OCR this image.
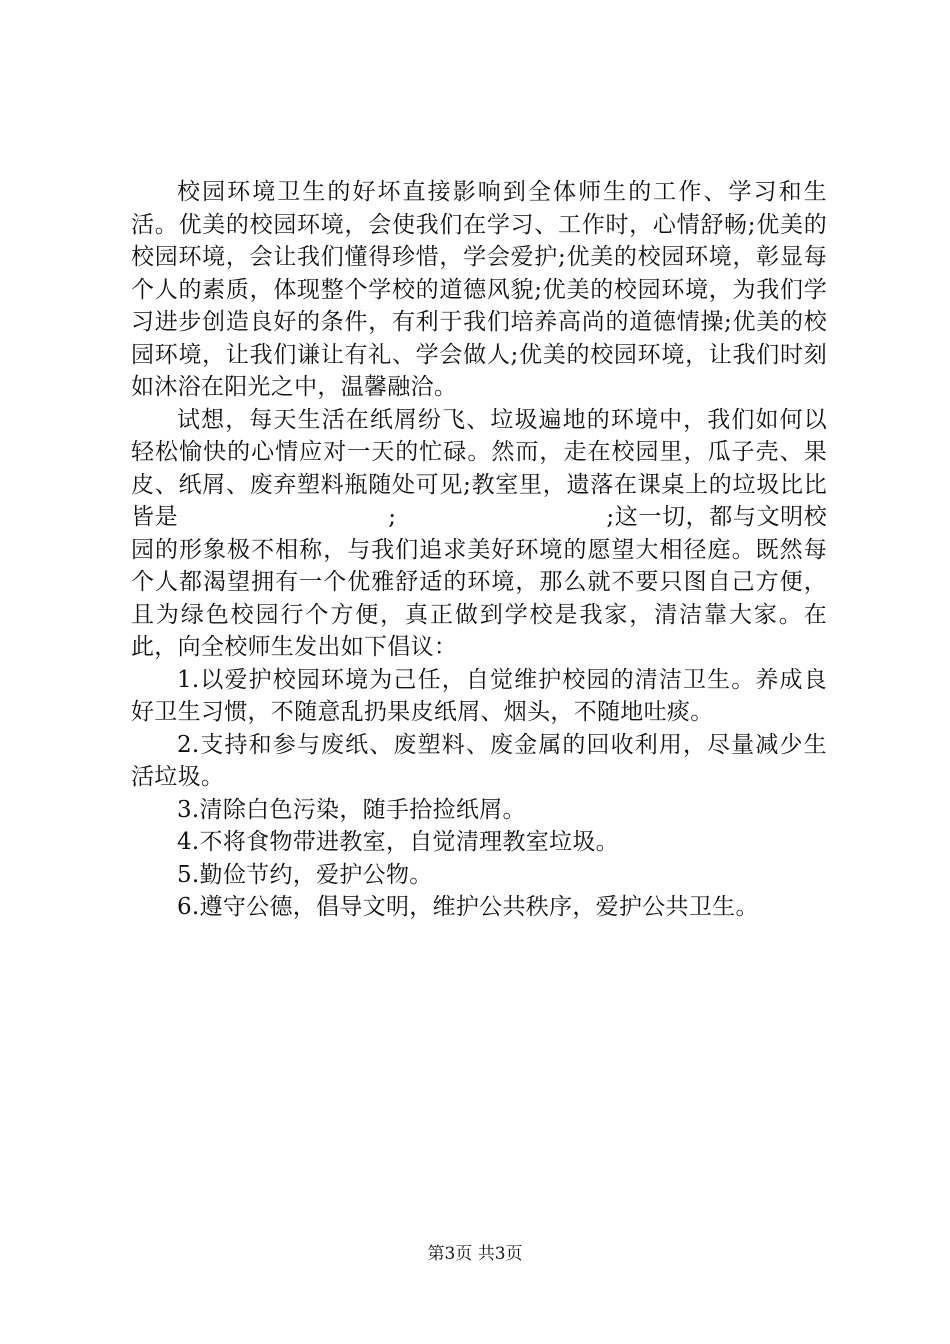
校园环境卫生的好坏直接影响到全体师生的工作、学习和生活。优美的校园环境，会使我们在学习、工作时，心情舒畅;优美的校园环境，会让我们懂得珍惜，学会爱护;优美的校园环境，彰显每个人的素质，体现整个学校的道德风貌;优美的校园环境，为我们学习进步创造良好的条件，有利于我们培养高尚的道德情操;优美的校园环境，让我们谦让有礼、学会做人;优美的校园环境，让我们时刻如沐浴在阳光之中，温馨融洽。

试想，每天生活在纸屑纷飞、垃圾遍地的环境中，我们如何以轻松愉快的心情应对一天的忙碌。然而，走在校园里，瓜子壳、果皮、纸屑、废弃塑料瓶随处可见;教室里，遗落在课桌上的垃圾比比皆是	;	;这一切，都与文明校园的形象极不相称，与我们追求美好环境的愿望大相径庭。既然每个人都渴望拥有一个优雅舒适的环境，那么就不要只图自己方便，且为绿色校园行个方便，真正做到学校是我家，清洁靠大家。在此，向全校师生发出如下倡议：

1.以爱护校园环境为己任，自觉维护校园的清洁卫生。养成良好卫生习惯，不随意乱扔果皮纸屑、烟头，不随地吐痰。

2.支持和参与废纸、废塑料、废金属的回收利用，尽量减少生活垃圾。

3.清除白色污染，随手拾捡纸屑。

4.不将食物带进教室，自觉清理教室垃圾。

5.勤俭节约，爱护公物。

6.遵守公德，倡导文明，维护公共秩序，爱护公共卫生。

第3页 共3页
